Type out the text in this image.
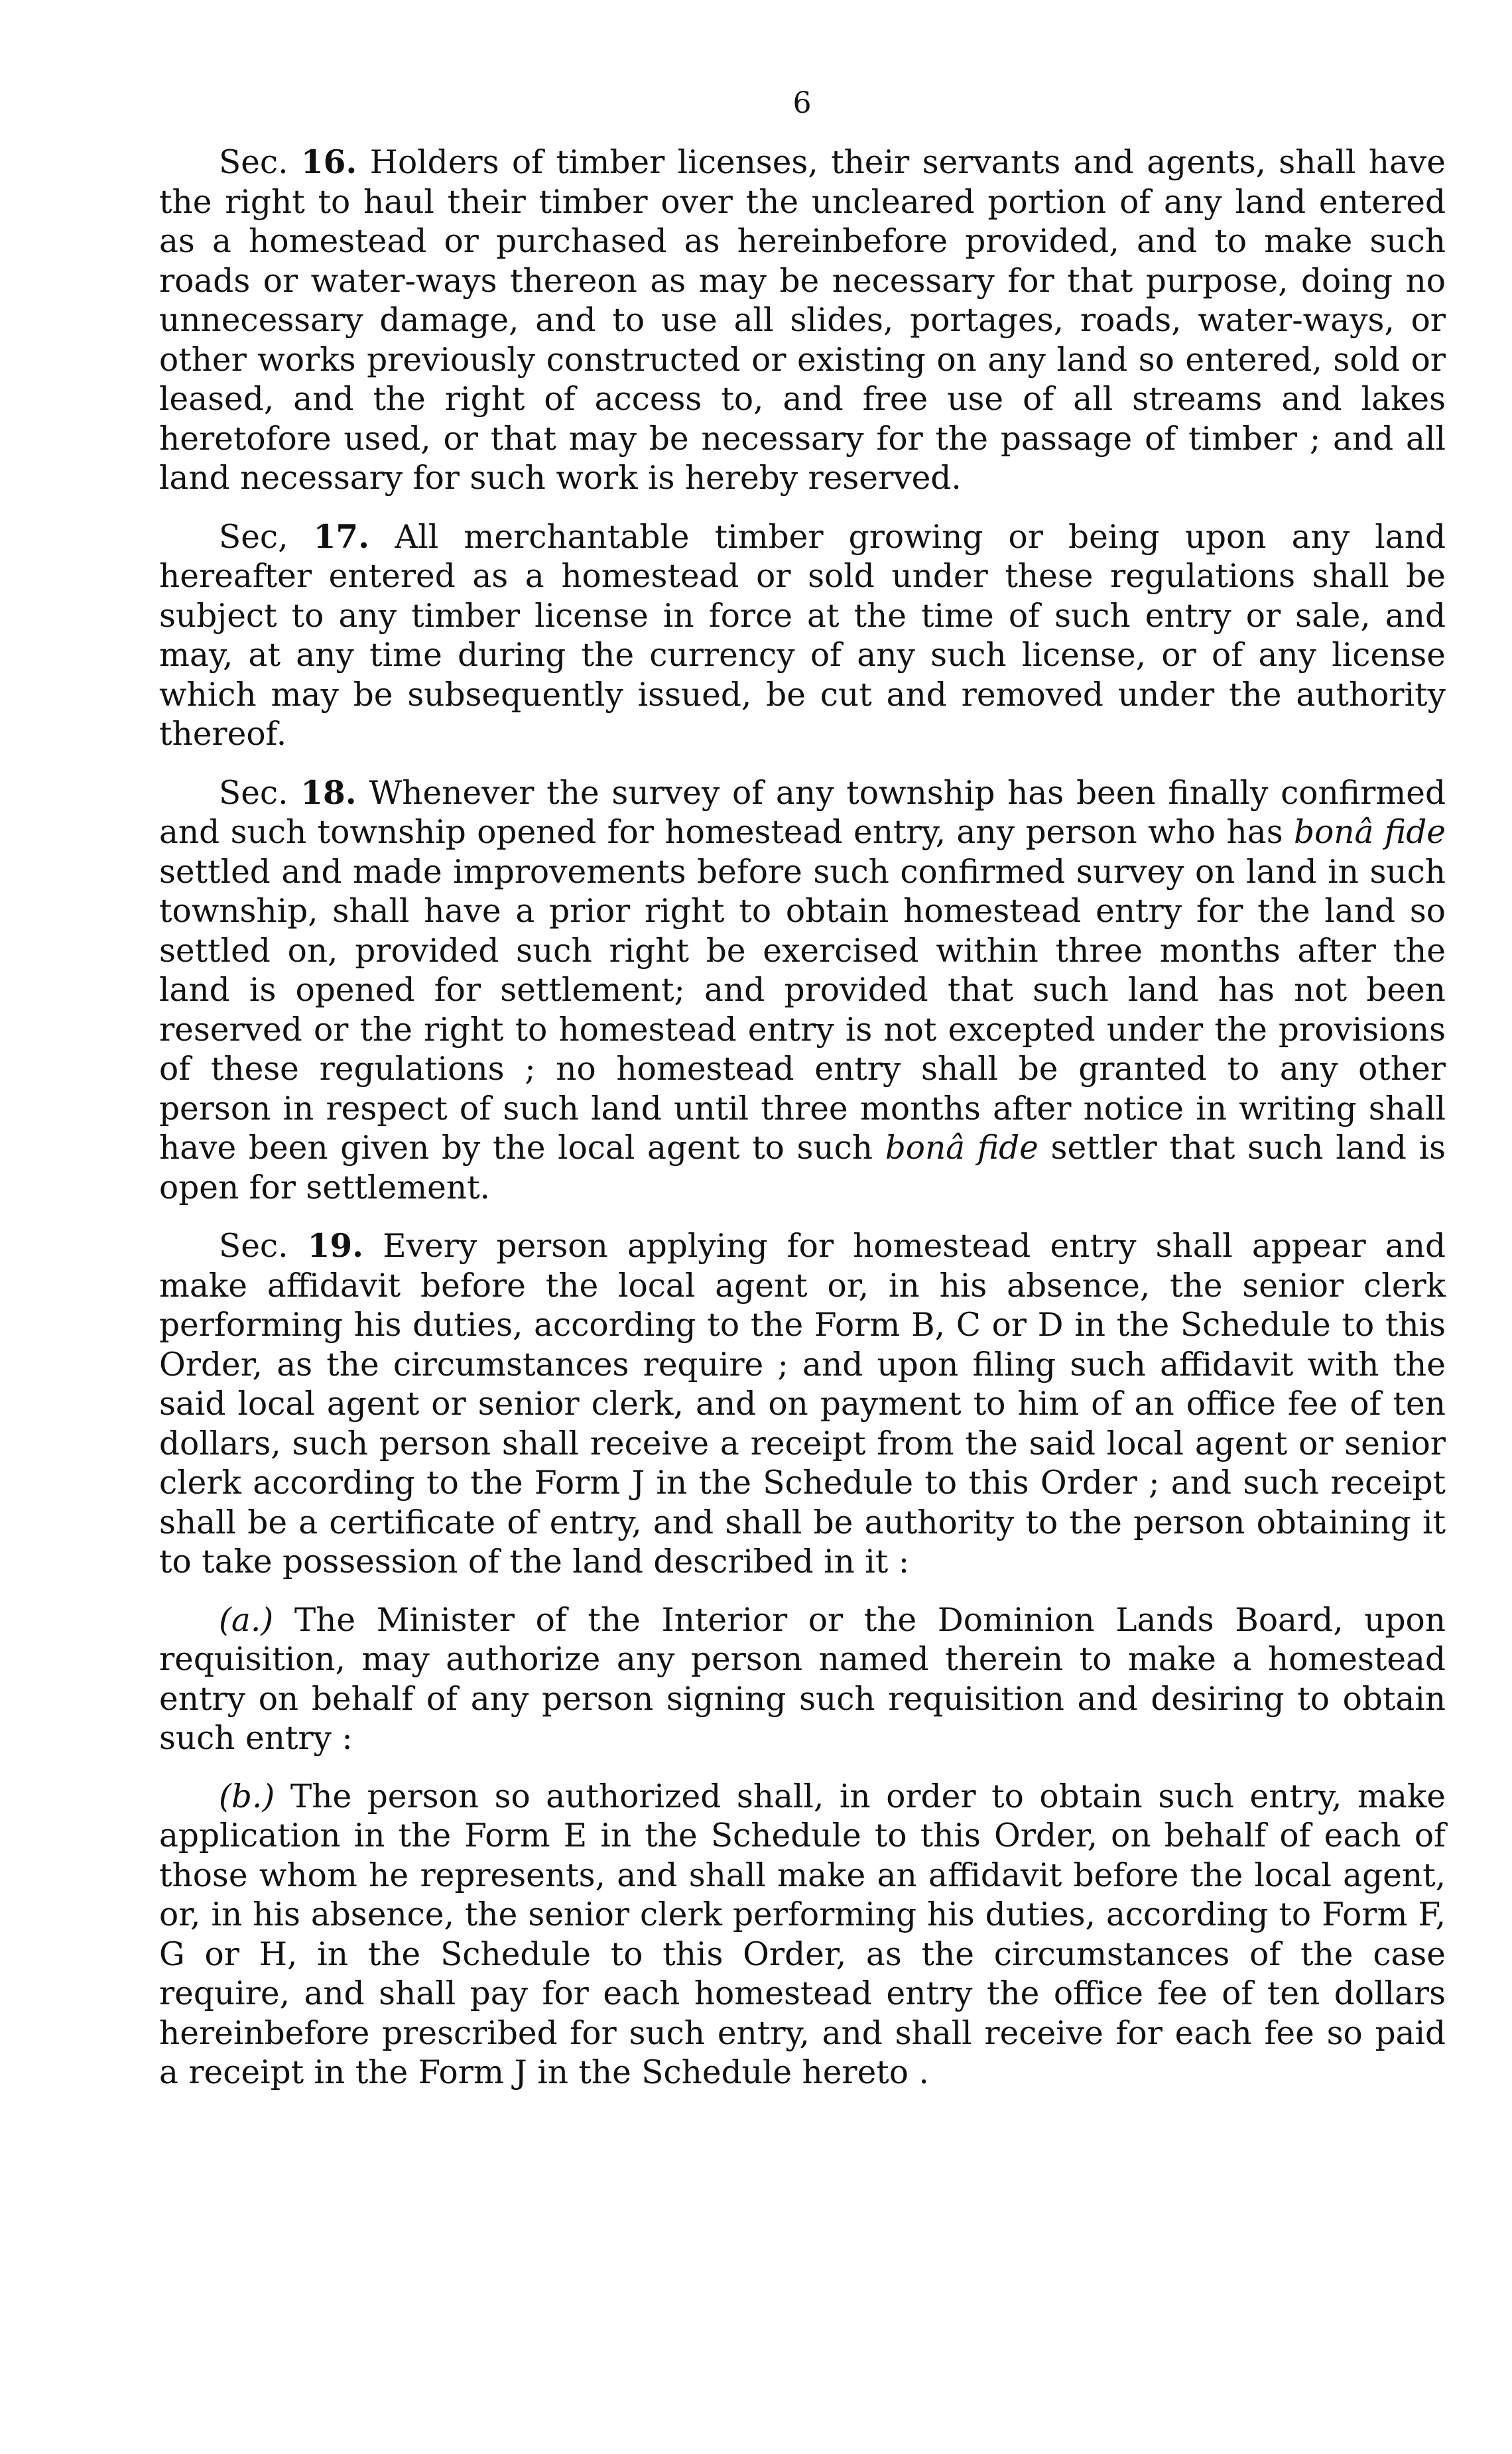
6

Sec. 16. Holders of timber licenses, their servants and agents, shall have the right to haul their timber over the uncleared portion of any land entered as a homestead or purchased as hereinbefore provided, and to make such roads or water-ways thereon as may be necessary for that purpose, doing no unnecessary damage, and to use all slides, portages, roads, water-ways, or other works previously constructed or existing on any land so entered, sold or leased, and the right of access to, and free use of all streams and lakes heretofore used, or that may be necessary for the passage of timber ; and all land necessary for such work is hereby reserved.

Sec, 17. All merchantable timber growing or being upon any land hereafter entered as a homestead or sold under these regulations shall be subject to any timber license in force at the time of such entry or sale, and may, at any time during the currency of any such license, or of any license which may be subsequently issued, be cut and removed under the authority thereof.

Sec. 18. Whenever the survey of any township has been finally confirmed and such township opened for homestead entry, any person who has bonâ fide settled and made improvements before such confirmed survey on land in such township, shall have a prior right to obtain homestead entry for the land so settled on, provided such right be exercised within three months after the land is opened for settlement; and provided that such land has not been reserved or the right to homestead entry is not excepted under the provisions of these regulations ; no homestead entry shall be granted to any other person in respect of such land until three months after notice in writing shall have been given by the local agent to such bonâ fide settler that such land is open for settlement.

Sec. 19. Every person applying for homestead entry shall appear and make affidavit before the local agent or, in his absence, the senior clerk performing his duties, according to the Form B, C or D in the Schedule to this Order, as the circumstances require ; and upon filing such affidavit with the said local agent or senior clerk, and on payment to him of an office fee of ten dollars, such person shall receive a receipt from the said local agent or senior clerk according to the Form J in the Schedule to this Order ; and such receipt shall be a certificate of entry, and shall be authority to the person obtaining it to take possession of the land described in it :

(a.) The Minister of the Interior or the Dominion Lands Board, upon requisition, may authorize any person named therein to make a homestead entry on behalf of any person signing such requisition and desiring to obtain such entry :

(b.) The person so authorized shall, in order to obtain such entry, make application in the Form E in the Schedule to this Order, on behalf of each of those whom he represents, and shall make an affidavit before the local agent, or, in his absence, the senior clerk performing his duties, according to Form F, G or H, in the Schedule to this Order, as the circumstances of the case require, and shall pay for each homestead entry the office fee of ten dollars hereinbefore prescribed for such entry, and shall receive for each fee so paid a receipt in the Form J in the Schedule hereto .
